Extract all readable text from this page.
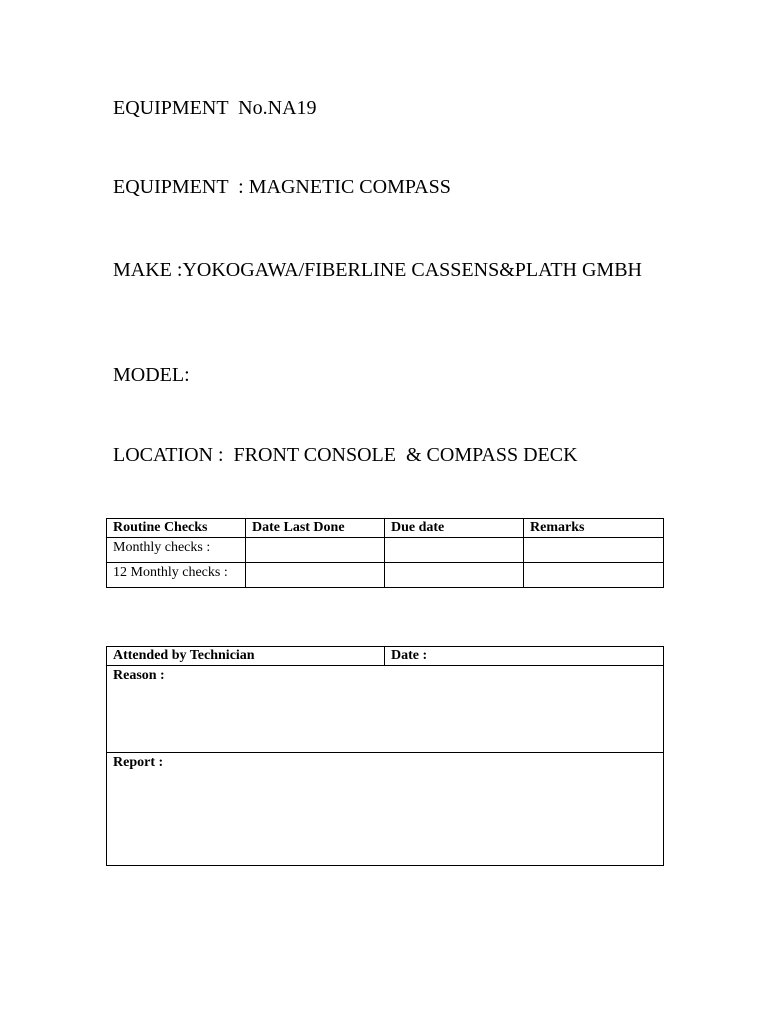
EQUIPMENT  No.NA19

EQUIPMENT  : MAGNETIC COMPASS

MAKE :YOKOGAWA/FIBERLINE CASSENS&PLATH GMBH

MODEL:

LOCATION :  FRONT CONSOLE  & COMPASS DECK

Routine Checks	Date Last Done	Due date	Remarks
Monthly checks :			
12 Monthly checks :			
Attended by Technician	Date :
Reason :
Report :
